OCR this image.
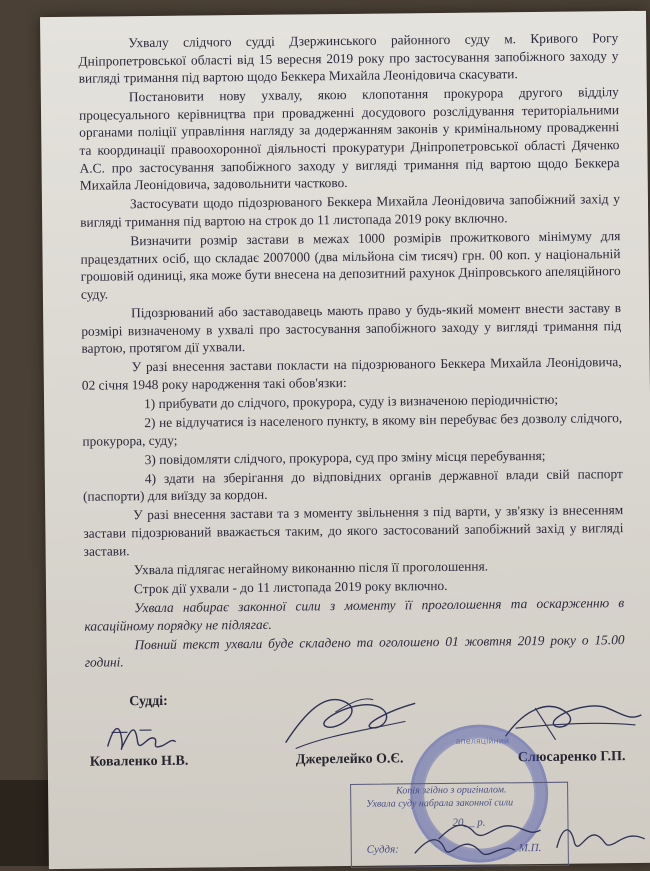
Ухвалу слідчого судді Дзержинського районного суду м. Кривого Рогу Дніпропетровської області від 15 вересня 2019 року про застосування запобіжного заходу у вигляді тримання під вартою щодо Беккера Михайла Леонідовича скасувати.

Постановити нову ухвалу, якою клопотання прокурора другого відділу процесуального керівництва при провадженні досудового розслідування територіальними органами поліції управління нагляду за додержанням законів у кримінальному провадженні та координації правоохоронної діяльності прокуратури Дніпропетровської області Дяченко А.С. про застосування запобіжного заходу у вигляді тримання під вартою щодо Беккера Михайла Леонідовича, задовольнити частково.

Застосувати щодо підозрюваного Беккера Михайла Леонідовича запобіжний захід у вигляді тримання під вартою на строк до 11 листопада 2019 року включно.

Визначити розмір застави в межах 1000 розмірів прожиткового мінімуму для працездатних осіб, що складає 2007000 (два мільйона сім тисяч) грн. 00 коп. у національній грошовій одиниці, яка може бути внесена на депозитний рахунок Дніпровського апеляційного суду.

Підозрюваний або заставодавець мають право у будь-який момент внести заставу в розмірі визначеному в ухвалі про застосування запобіжного заходу у вигляді тримання під вартою, протягом дії ухвали.

У разі внесення застави покласти на підозрюваного Беккера Михайла Леонідовича, 02 січня 1948 року народження такі обов'язки:

1) прибувати до слідчого, прокурора, суду із визначеною періодичністю;

2) не відлучатися із населеного пункту, в якому він перебуває без дозволу слідчого, прокурора, суду;

3) повідомляти слідчого, прокурора, суд про зміну місця перебування;

4) здати на зберігання до відповідних органів державної влади свій паспорт (паспорти) для виїзду за кордон.

У разі внесення застави та з моменту звільнення з під варти, у зв'язку із внесенням застави підозрюваний вважається таким, до якого застосований запобіжний захід у вигляді застави.

Ухвала підлягає негайному виконанню після її проголошення.

Строк дії ухвали - до 11 листопада 2019 року включно.

Ухвала набирає законної сили з моменту її проголошення та оскарженню в касаційному порядку не підлягає.

Повний текст ухвали буде складено та оголошено 01 жовтня 2019 року о 15.00 годині.

Судді:
Коваленко Н.В.	Джерелейко О.Є.	Слюсаренко Г.П.
апеляційний
Копія згідно з оригіналом.
Ухвала суду набрала законної сили
20__ р.
Суддя:	М.П.
